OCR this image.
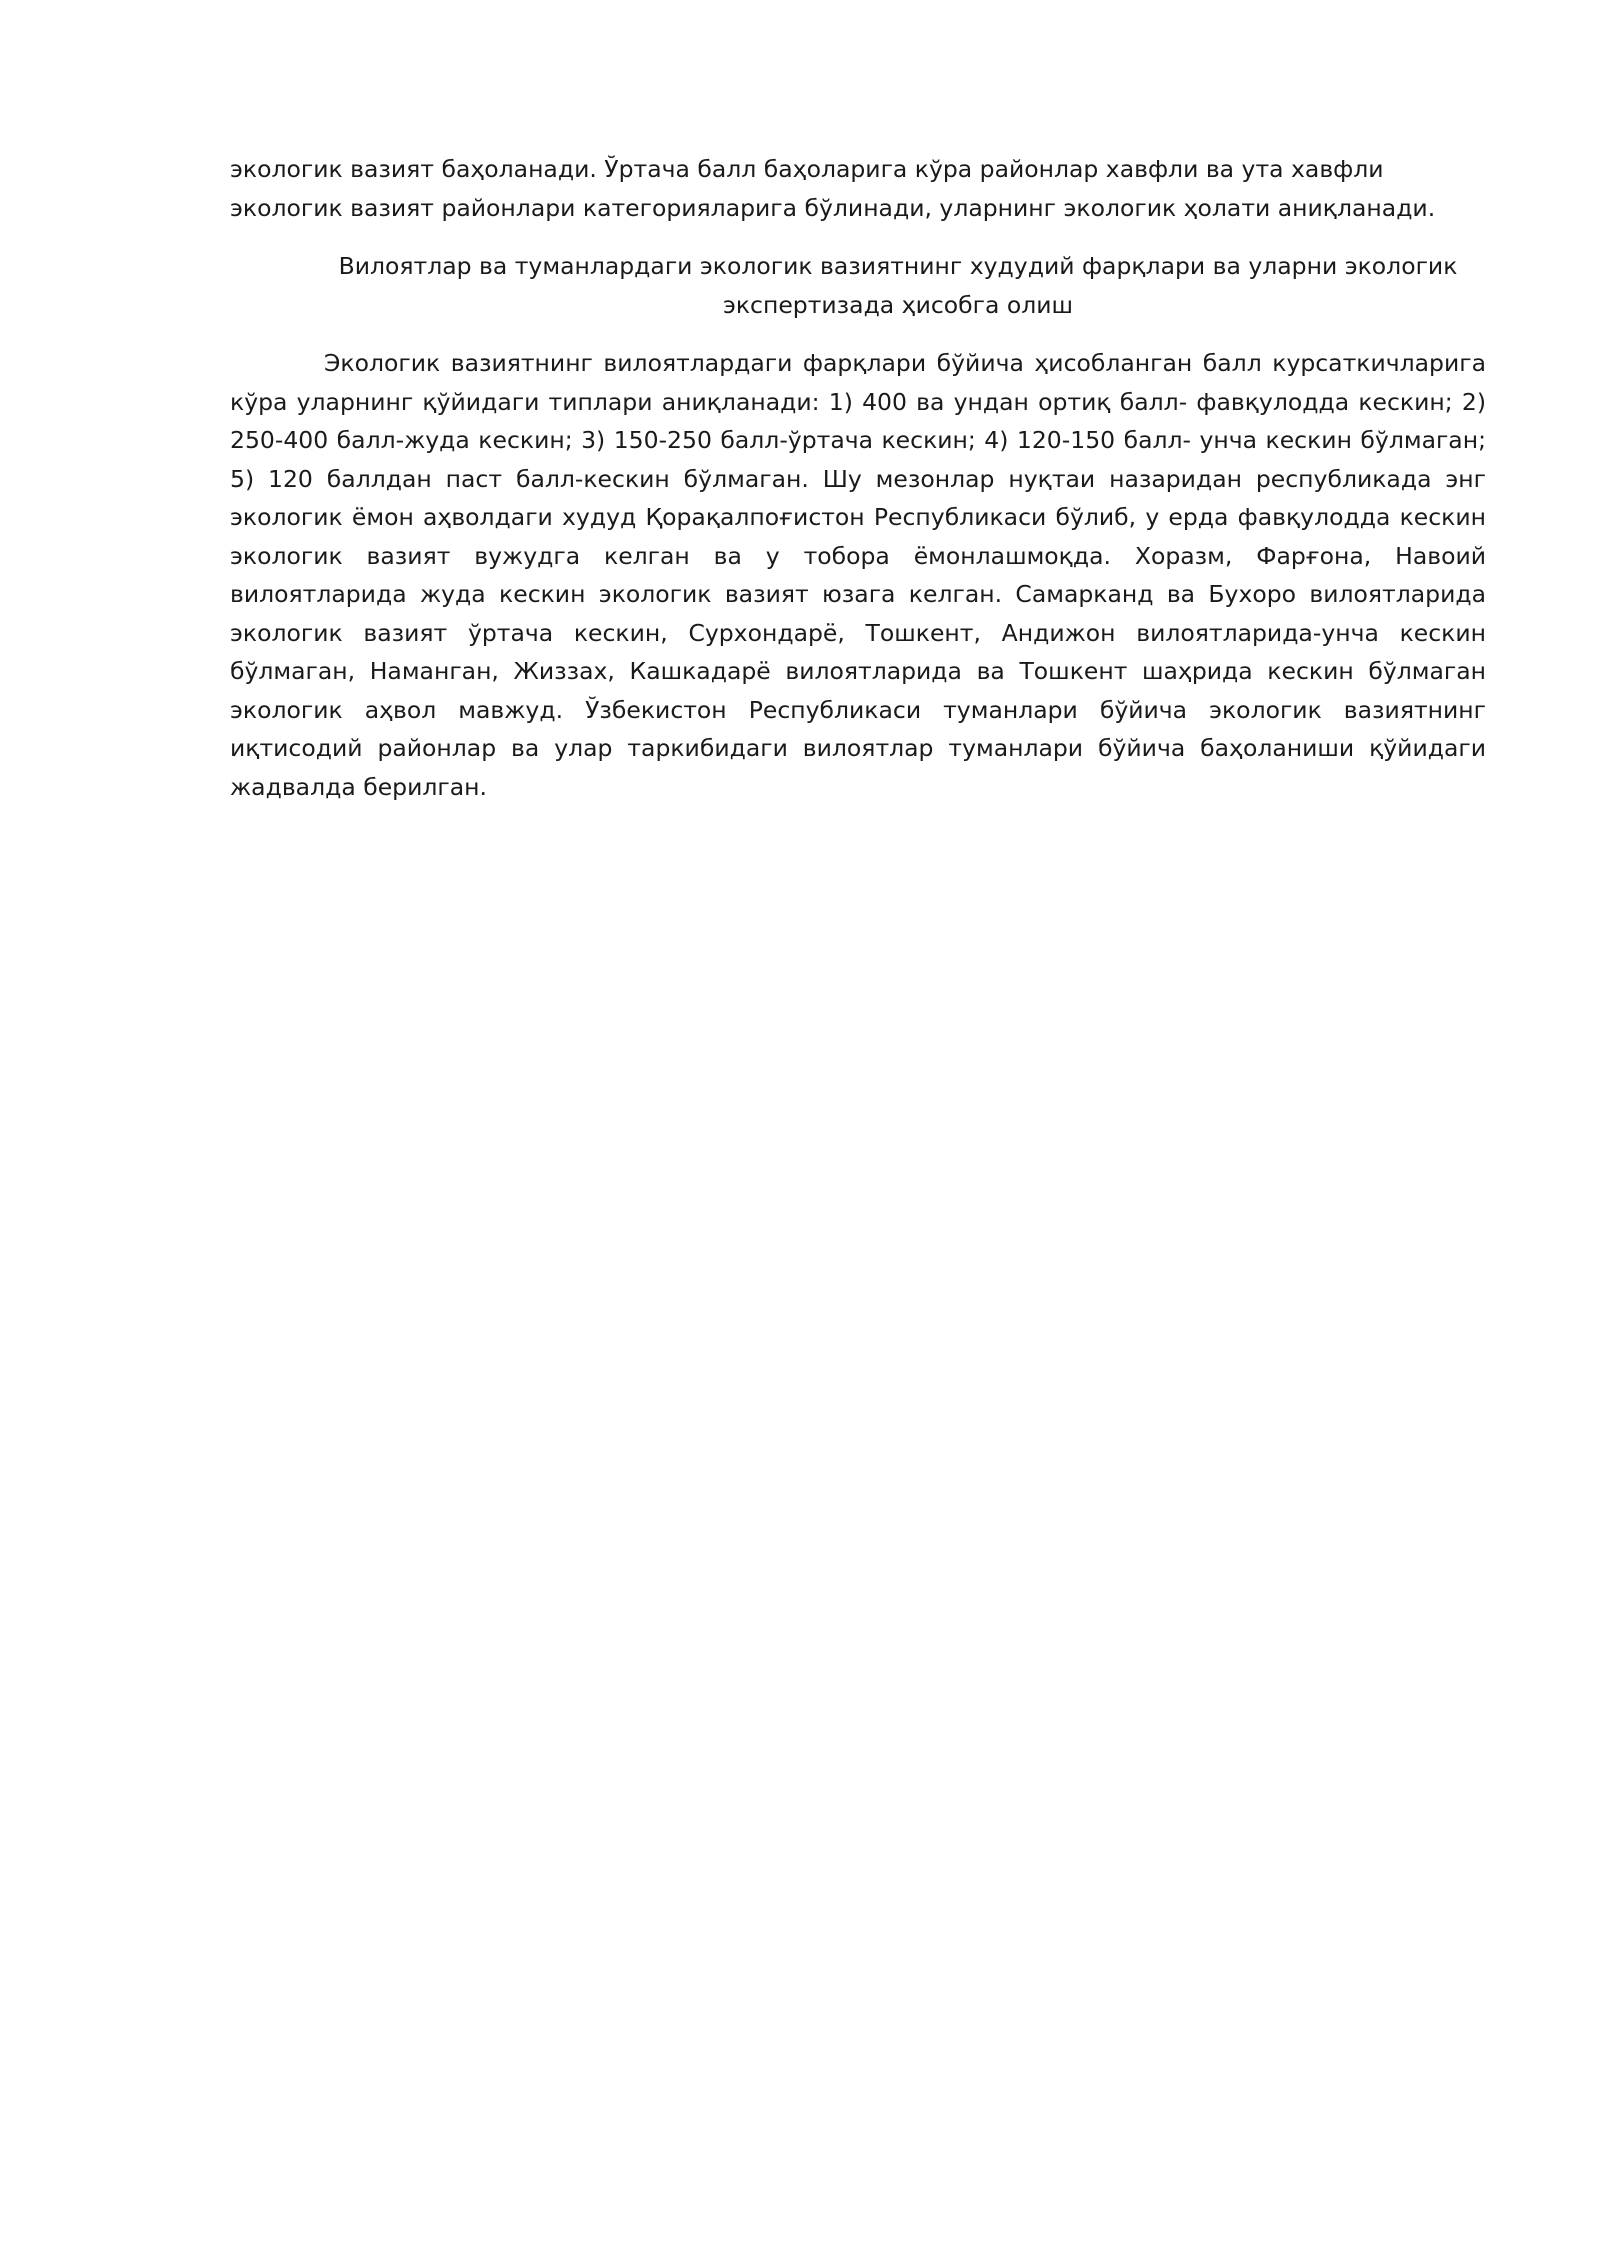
экологик вазият баҳоланади. Ўртача балл баҳоларига кўра районлар хавфли ва ута хавфли экологик вазият районлари категорияларига бўлинади, уларнинг экологик ҳолати аниқланади.

Вилоятлар ва туманлардаги экологик вазиятнинг худудий фарқлари ва уларни экологик экспертизада ҳисобга олиш

Экологик вазиятнинг вилоятлардаги фарқлари бўйича ҳисобланган балл курсаткичларига кўра уларнинг қўйидаги типлари аниқланади: 1) 400 ва ундан ортиқ балл- фавқулодда кескин; 2) 250-400 балл-жуда кескин; 3) 150-250 балл-ўртача кескин; 4) 120-150 балл- унча кескин бўлмаган; 5) 120 баллдан паст балл-кескин бўлмаган. Шу мезонлар нуқтаи назаридан республикада энг экологик ёмон аҳволдаги худуд Қорақалпоғистон Республикаси бўлиб, у ерда фавқулодда кескин экологик вазият вужудга келган ва у тобора ёмонлашмоқда. Хоразм, Фарғона, Навоий вилоятларида жуда кескин экологик вазият юзага келган. Самарканд ва Бухоро вилоятларида экологик вазият ўртача кескин, Сурхондарё, Тошкент, Андижон вилоятларида-унча кескин бўлмаган, Наманган, Жиззах, Кашкадарё вилоятларида ва Тошкент шаҳрида кескин бўлмаган экологик аҳвол мавжуд. Ўзбекистон Республикаси туманлари бўйича экологик вазиятнинг иқтисодий районлар ва улар таркибидаги вилоятлар туманлари бўйича баҳоланиши қўйидаги жадвалда берилган.
